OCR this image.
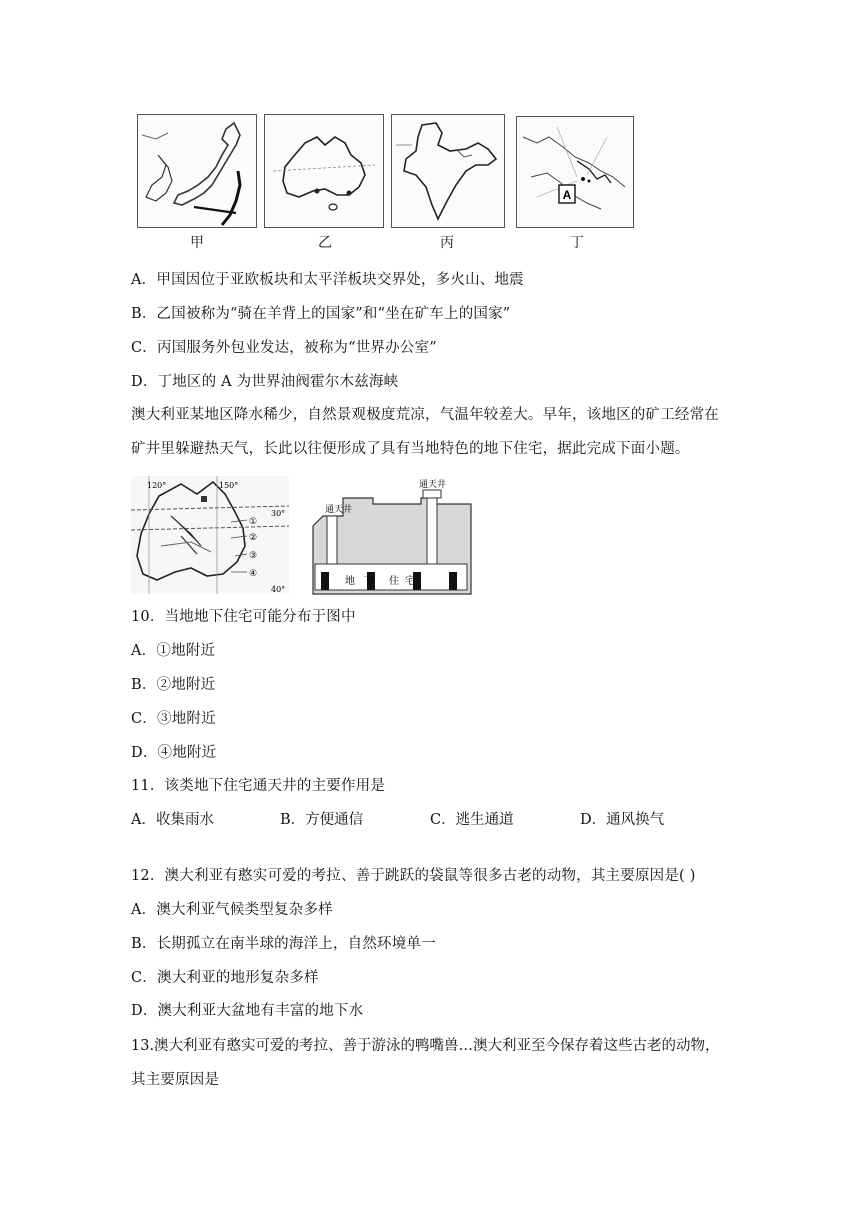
甲	乙	丙
A
丁
A．甲国因位于亚欧板块和太平洋板块交界处，多火山、地震
B．乙国被称为“骑在羊背上的国家”和“坐在矿车上的国家”
C．丙国服务外包业发达，被称为“世界办公室”
D．丁地区的 A 为世界油阀霍尔木兹海峡
澳大利亚某地区降水稀少，自然景观极度荒凉，气温年较差大。早年，该地区的矿工经常在
矿井里躲避热天气，长此以往便形成了具有当地特色的地下住宅，据此完成下面小题。
120°	150°
30°
40°
①
②
③
④
通天井
通天井
地 下 住 宅
10．当地地下住宅可能分布于图中
A．①地附近
B．②地附近
C．③地附近
D．④地附近
11．该类地下住宅通天井的主要作用是
A．收集雨水	B．方便通信	C．逃生通道	D．通风换气
12．澳大利亚有憨实可爱的考拉、善于跳跃的袋鼠等很多古老的动物，其主要原因是( )
A．澳大利亚气候类型复杂多样
B．长期孤立在南半球的海洋上，自然环境单一
C．澳大利亚的地形复杂多样
D．澳大利亚大盆地有丰富的地下水
13.澳大利亚有憨实可爱的考拉、善于游泳的鸭嘴兽…澳大利亚至今保存着这些古老的动物，
其主要原因是
